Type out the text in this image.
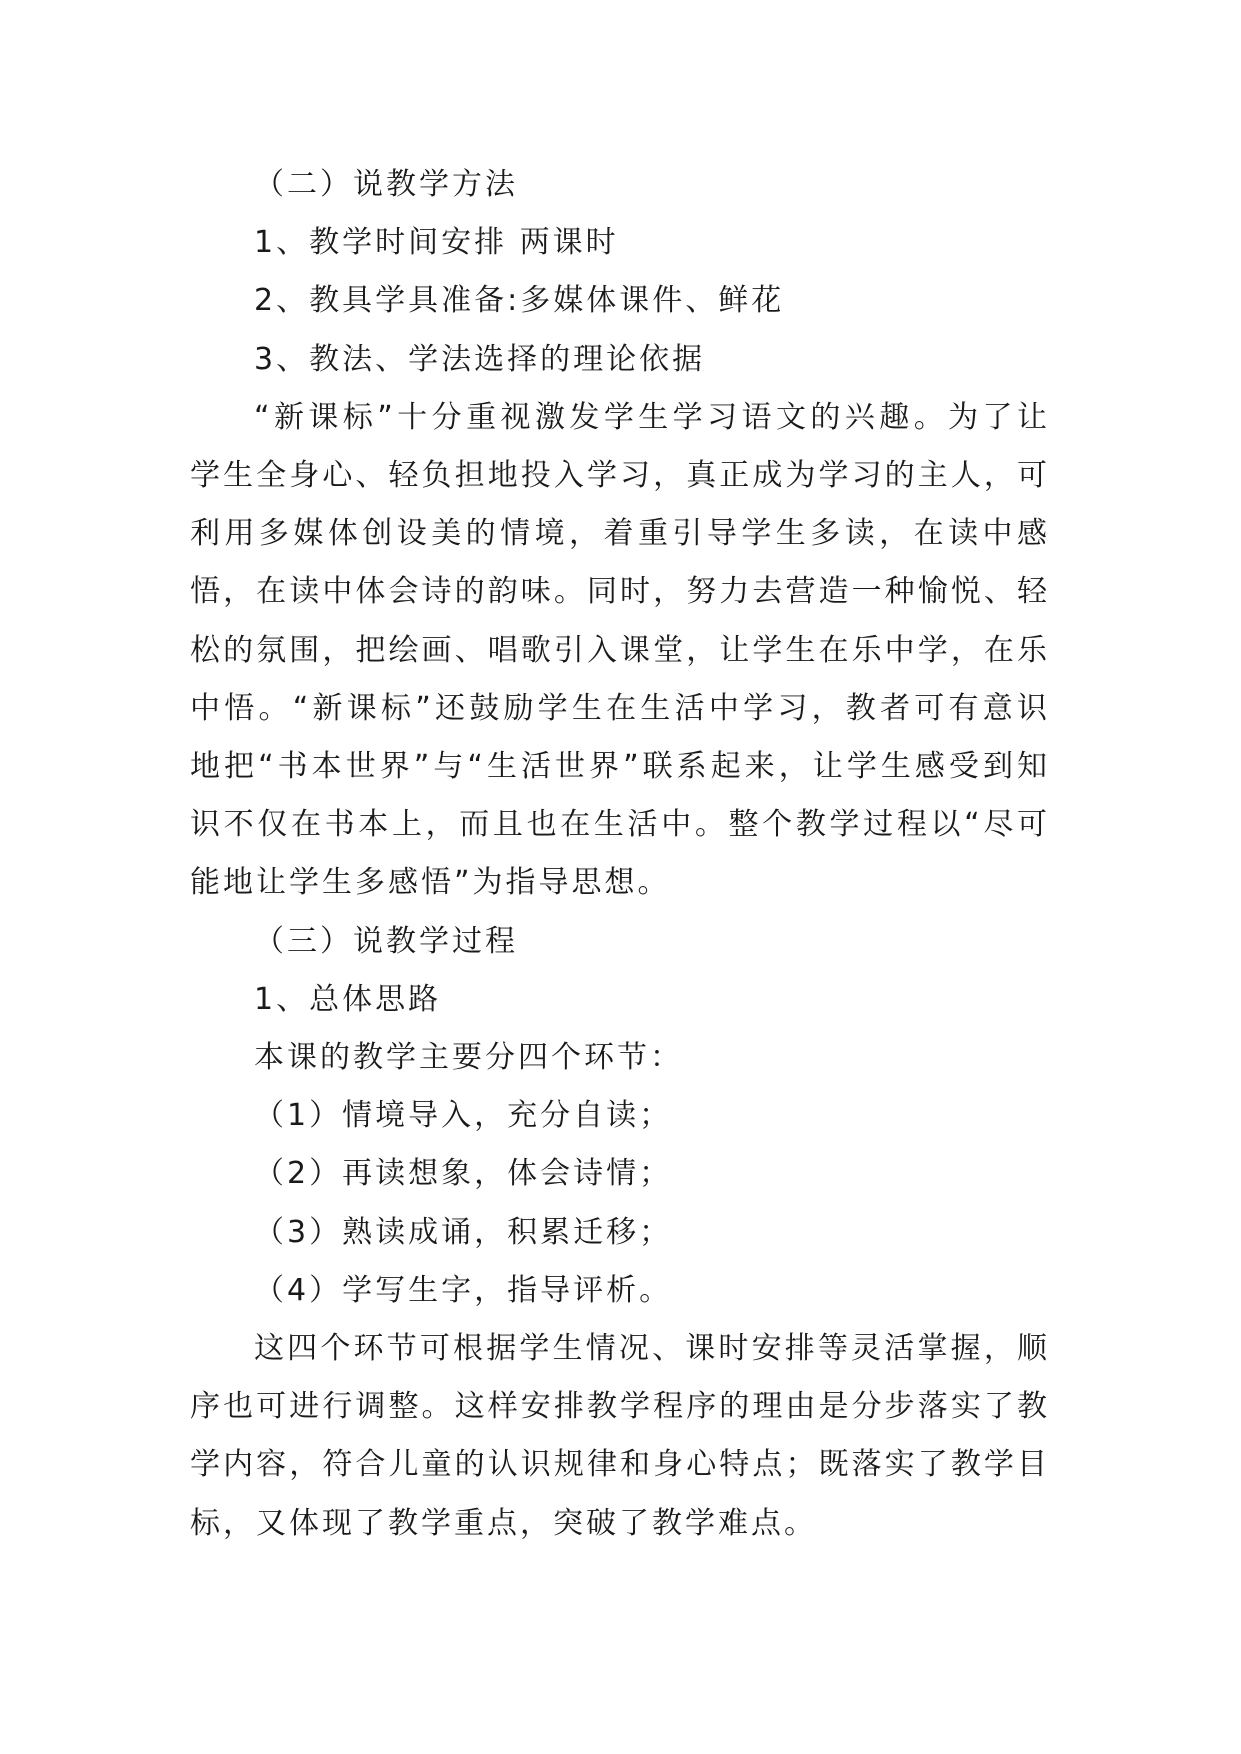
（二）说教学方法
1、教学时间安排 两课时
2、教具学具准备:多媒体课件、鲜花
3、教法、学法选择的理论依据

“新课标”十分重视激发学生学习语文的兴趣。为了让学生全身心、轻负担地投入学习，真正成为学习的主人，可利用多媒体创设美的情境，着重引导学生多读，在读中感悟，在读中体会诗的韵味。同时，努力去营造一种愉悦、轻松的氛围，把绘画、唱歌引入课堂，让学生在乐中学，在乐中悟。“新课标”还鼓励学生在生活中学习，教者可有意识地把“书本世界”与“生活世界”联系起来，让学生感受到知识不仅在书本上，而且也在生活中。整个教学过程以“尽可能地让学生多感悟”为指导思想。

（三）说教学过程
1、总体思路
本课的教学主要分四个环节：
（1）情境导入，充分自读；
（2）再读想象，体会诗情；
（3）熟读成诵，积累迁移；
（4）学写生字，指导评析。

这四个环节可根据学生情况、课时安排等灵活掌握，顺序也可进行调整。这样安排教学程序的理由是分步落实了教学内容，符合儿童的认识规律和身心特点；既落实了教学目标，又体现了教学重点，突破了教学难点。
